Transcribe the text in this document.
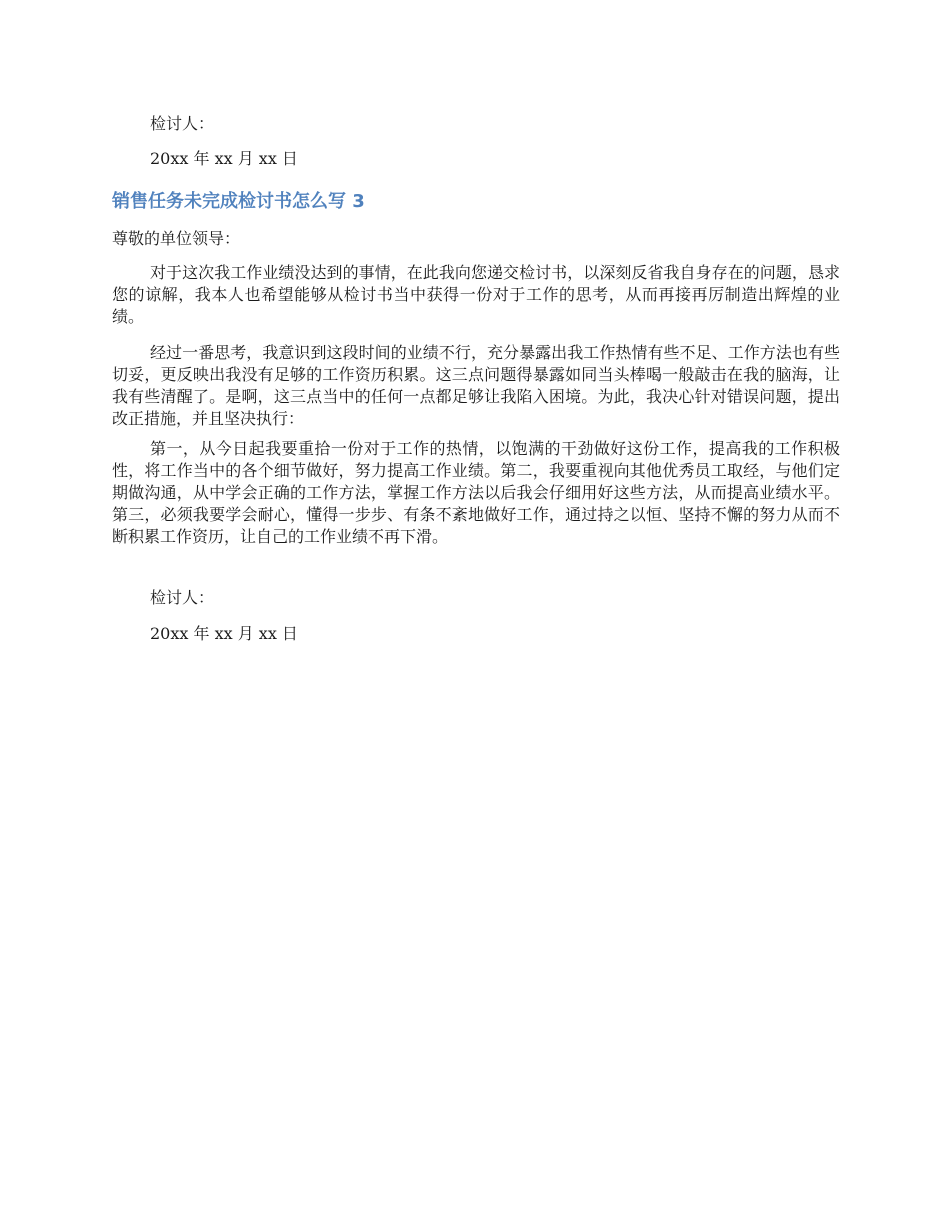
检讨人：
20xx 年 xx 月 xx 日
销售任务未完成检讨书怎么写 3
尊敬的单位领导：
对于这次我工作业绩没达到的事情，在此我向您递交检讨书，以深刻反省我自身存在的问题，恳求您的谅解，我本人也希望能够从检讨书当中获得一份对于工作的思考，从而再接再厉制造出辉煌的业绩。
经过一番思考，我意识到这段时间的业绩不行，充分暴露出我工作热情有些不足、工作方法也有些切妥，更反映出我没有足够的工作资历积累。这三点问题得暴露如同当头棒喝一般敲击在我的脑海，让我有些清醒了。是啊，这三点当中的任何一点都足够让我陷入困境。为此，我决心针对错误问题，提出改正措施，并且坚决执行：
第一，从今日起我要重拾一份对于工作的热情，以饱满的干劲做好这份工作，提高我的工作积极性，将工作当中的各个细节做好，努力提高工作业绩。第二，我要重视向其他优秀员工取经，与他们定期做沟通，从中学会正确的工作方法，掌握工作方法以后我会仔细用好这些方法，从而提高业绩水平。第三，必须我要学会耐心，懂得一步步、有条不紊地做好工作，通过持之以恒、坚持不懈的努力从而不断积累工作资历，让自己的工作业绩不再下滑。
检讨人：
20xx 年 xx 月 xx 日
